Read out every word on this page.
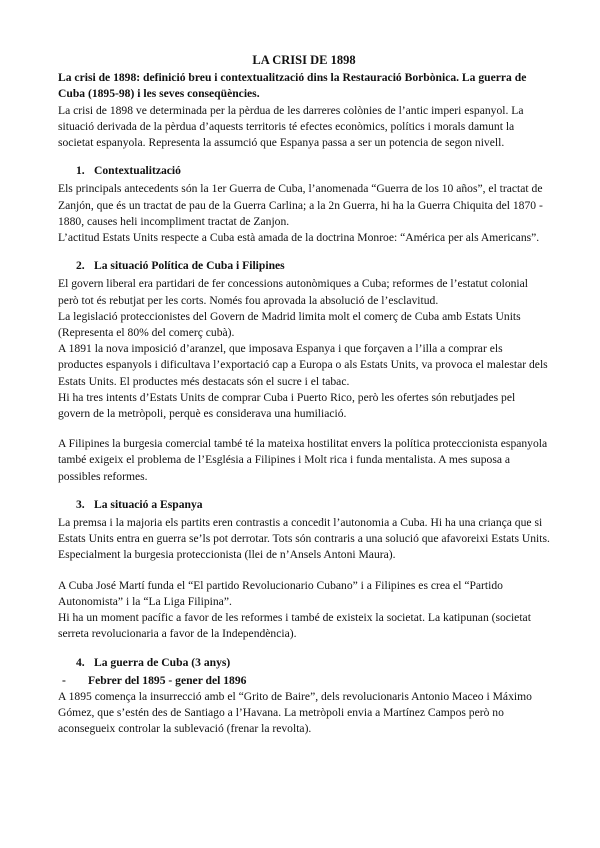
LA CRISI DE 1898

La crisi de 1898: definició breu i contextualització dins la Restauració Borbònica. La guerra de Cuba (1895-98) i les seves conseqüències.

La crisi de 1898 ve determinada per la pèrdua de les darreres colònies de l’antic imperi espanyol. La situació derivada de la pèrdua d’aquests territoris té efectes econòmics, polítics i morals damunt la societat espanyola. Representa la assumció que Espanya passa a ser un potencia de segon nivell.

1. Contextualització

Els principals antecedents són la 1er Guerra de Cuba, l’anomenada “Guerra de los 10 años”, el tractat de Zanjón, que és un tractat de pau de la Guerra Carlina; a la 2n Guerra, hi ha la Guerra Chiquita del 1870 - 1880, causes heli incompliment tractat de Zanjon.

L’actitud Estats Units respecte a Cuba està amada de la doctrina Monroe: “América per als Americans”.

2. La situació Política de Cuba i Filipines

El govern liberal era partidari de fer concessions autonòmiques a Cuba; reformes de l’estatut colonial però tot és rebutjat per les corts. Només fou aprovada la absolució de l’esclavitud.

La legislació proteccionistes del Govern de Madrid limita molt el comerç de Cuba amb Estats Units (Representa el 80% del comerç cubà).

A 1891 la nova imposició d’aranzel, que imposava Espanya i que forçaven a l’illa a comprar els productes espanyols i dificultava l’exportació cap a Europa o als Estats Units, va provoca el malestar dels Estats Units. El productes més destacats són el sucre i el tabac.

Hi ha tres intents d’Estats Units de comprar Cuba i Puerto Rico, però les ofertes són rebutjades pel govern de la metròpoli, perquè es considerava una humiliació.

A Filipines la burgesia comercial també té la mateixa hostilitat envers la política proteccionista espanyola també exigeix el problema de l’Església a Filipines i Molt rica i funda mentalista. A mes suposa a possibles reformes.

3. La situació a Espanya

La premsa i la majoria els partits eren contrastis a concedit l’autonomia a Cuba. Hi ha una criança que si Estats Units entra en guerra se’ls pot derrotar. Tots són contraris a una solució que afavoreixi Estats Units. Especialment la burgesia proteccionista (llei de n’Ansels Antoni Maura).

A Cuba José Martí funda el “El partido Revolucionario Cubano” i a Filipines es crea el “Partido Autonomista” i la “La Liga Filipina”.

Hi ha un moment pacífic a favor de les reformes i també de existeix la societat. La katipunan (societat serreta revolucionaria a favor de la Independència).

4. La guerra de Cuba (3 anys)

- Febrer del 1895 - gener del 1896

A 1895 comença la insurrecció amb el “Grito de Baire”, dels revolucionaris Antonio Maceo i Máximo Gómez, que s’estén des de Santiago a l’Havana. La metròpoli envia a Martínez Campos però no aconsegueix controlar la sublevació (frenar la revolta).
